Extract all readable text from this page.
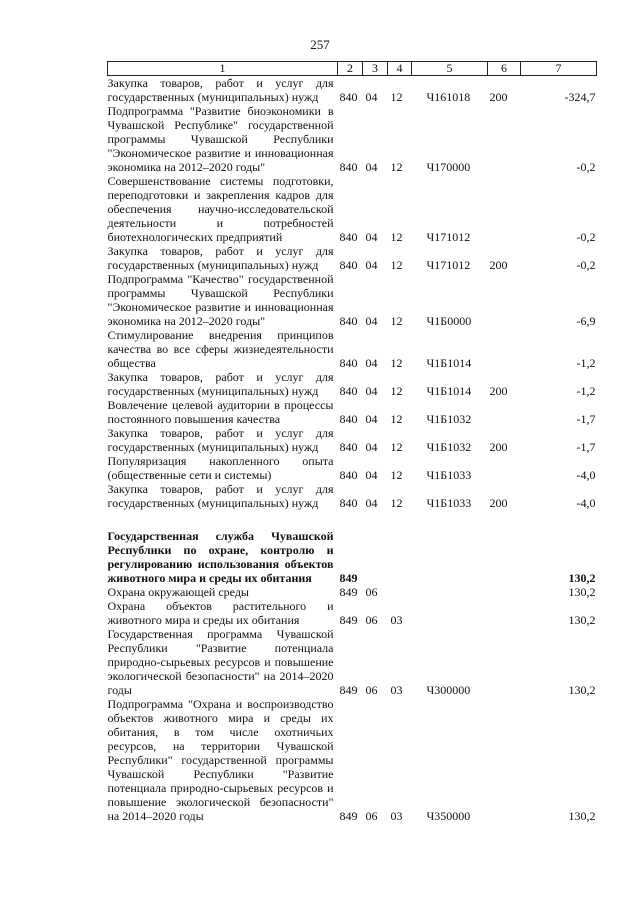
257
1	2	3	4	5	6	7
Закупка товаров, работ и услуг для государственных (муниципальных) нужд	840	04	12	Ч161018	200	-324,7
Подпрограмма "Развитие биоэкономики в Чувашской Республике" государственной программы Чувашской Республики "Экономическое развитие и инновационная экономика на 2012–2020 годы"	840	04	12	Ч170000		-0,2
Совершенствование системы подготовки, переподготовки и закрепления кадров для обеспечения научно-исследовательской деятельности и потребностей биотехнологических предприятий	840	04	12	Ч171012		-0,2
Закупка товаров, работ и услуг для государственных (муниципальных) нужд	840	04	12	Ч171012	200	-0,2
Подпрограмма "Качество" государственной программы Чувашской Республики "Экономическое развитие и инновационная экономика на 2012–2020 годы"	840	04	12	Ч1Б0000		-6,9
Стимулирование внедрения принципов качества во все сферы жизнедеятельности общества	840	04	12	Ч1Б1014		-1,2
Закупка товаров, работ и услуг для государственных (муниципальных) нужд	840	04	12	Ч1Б1014	200	-1,2
Вовлечение целевой аудитории в процессы постоянного повышения качества	840	04	12	Ч1Б1032		-1,7
Закупка товаров, работ и услуг для государственных (муниципальных) нужд	840	04	12	Ч1Б1032	200	-1,7
Популяризация накопленного опыта (общественные сети и системы)	840	04	12	Ч1Б1033		-4,0
Закупка товаров, работ и услуг для государственных (муниципальных) нужд	840	04	12	Ч1Б1033	200	-4,0

Государственная служба Чувашской Республики по охране, контролю и регулированию использования объектов животного мира и среды их обитания	849					130,2
Охрана окружающей среды	849	06				130,2
Охрана объектов растительного и животного мира и среды их обитания	849	06	03			130,2
Государственная программа Чувашской Республики "Развитие потенциала природно-сырьевых ресурсов и повышение экологической безопасности" на 2014–2020 годы	849	06	03	Ч300000		130,2
Подпрограмма "Охрана и воспроизводство объектов животного мира и среды их обитания, в том числе охотничьих ресурсов, на территории Чувашской Республики" государственной программы Чувашской Республики "Развитие потенциала природно-сырьевых ресурсов и повышение экологической безопасности" на 2014–2020 годы	849	06	03	Ч350000		130,2
